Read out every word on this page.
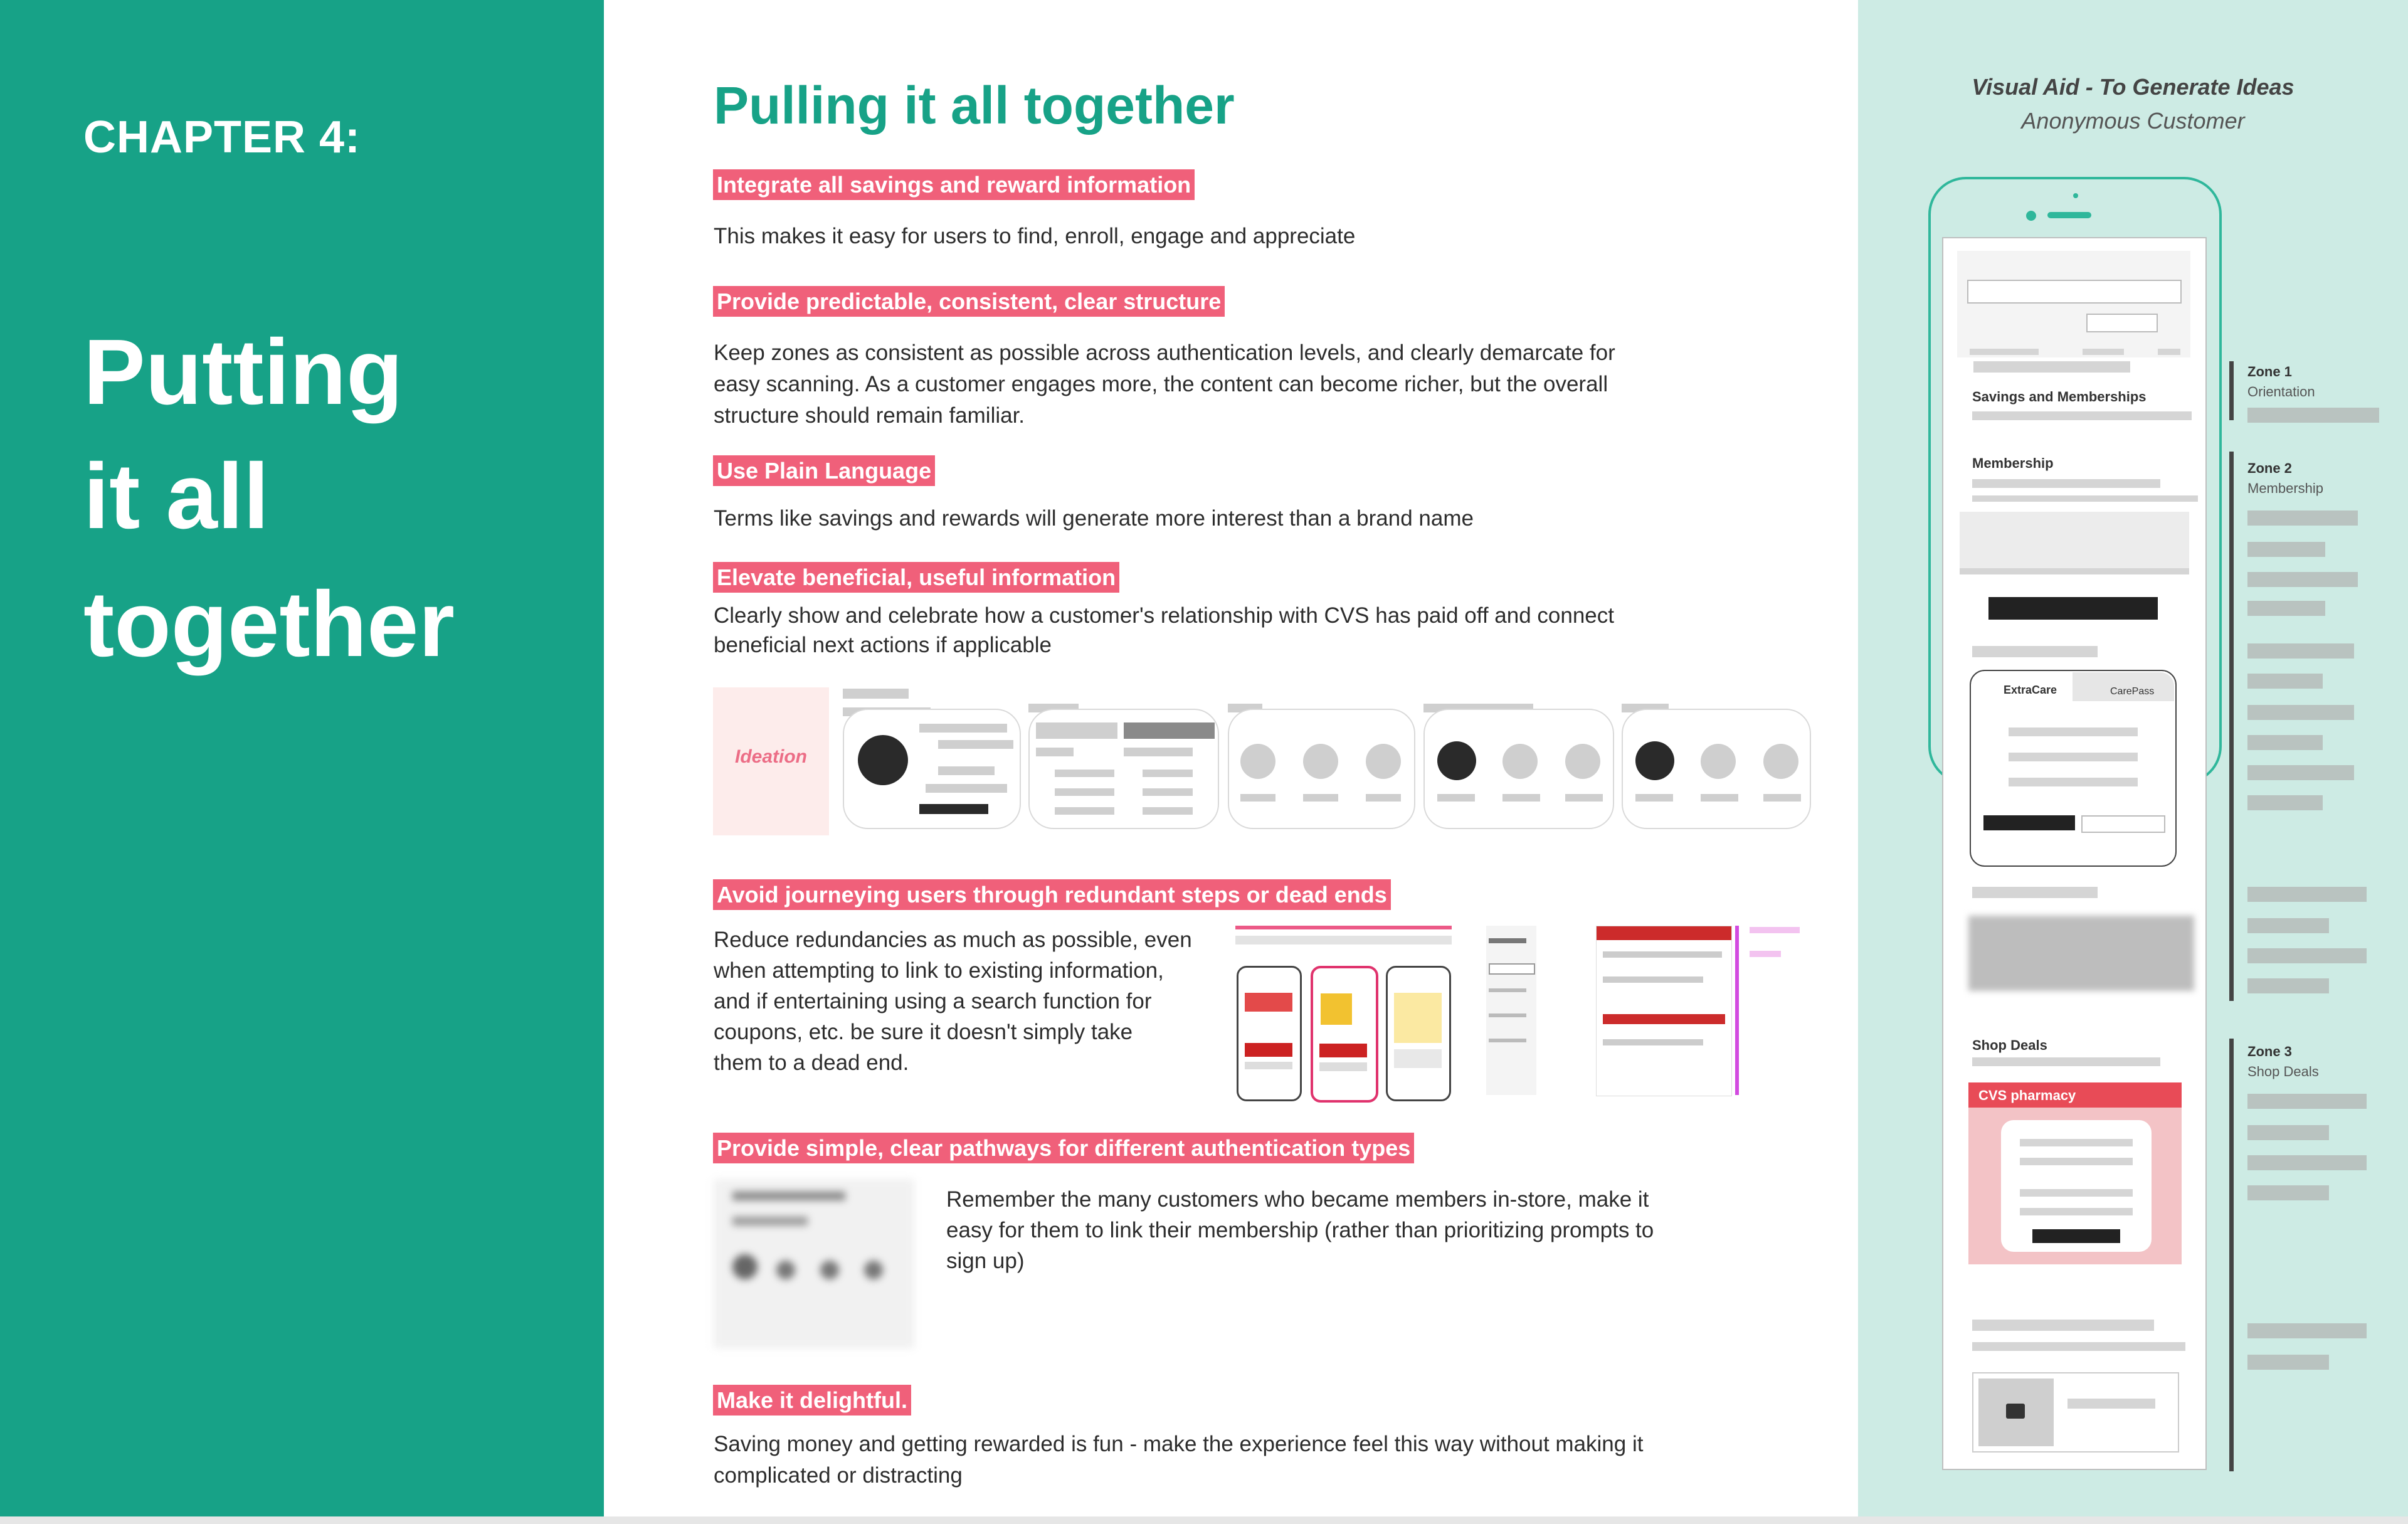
CHAPTER 4:
Putting
it all
together
Pulling it all together
Integrate all savings and reward information
This makes it easy for users to find, enroll, engage and appreciate
Provide predictable, consistent, clear structure
Keep zones as consistent as possible across authentication levels, and clearly demarcate for
easy scanning. As a customer engages more, the content can become richer, but the overall
structure should remain familiar.
Use Plain Language
Terms like savings and rewards will generate more interest than a brand name
Elevate beneficial, useful information
Clearly show and celebrate how a customer's relationship with CVS has paid off and connect
beneficial next actions if applicable
Ideation
Avoid journeying users through redundant steps or dead ends
Reduce redundancies as much as possible, even
when attempting to link to existing information,
and if entertaining using a search function for
coupons, etc. be sure it doesn't simply take
them to a dead end.
Provide simple, clear pathways for different authentication types
Remember the many customers who became members in-store, make it
easy for them to link their membership (rather than prioritizing prompts to
sign up)
Make it delightful.
Saving money and getting rewarded is fun - make the experience feel this way without making it
complicated or distracting
Visual Aid - To Generate Ideas
Anonymous Customer
Savings and Memberships
Membership
ExtraCare	CarePass
Shop Deals
CVS pharmacy
Zone 1
Orientation
Zone 2
Membership
Zone 3
Shop Deals
